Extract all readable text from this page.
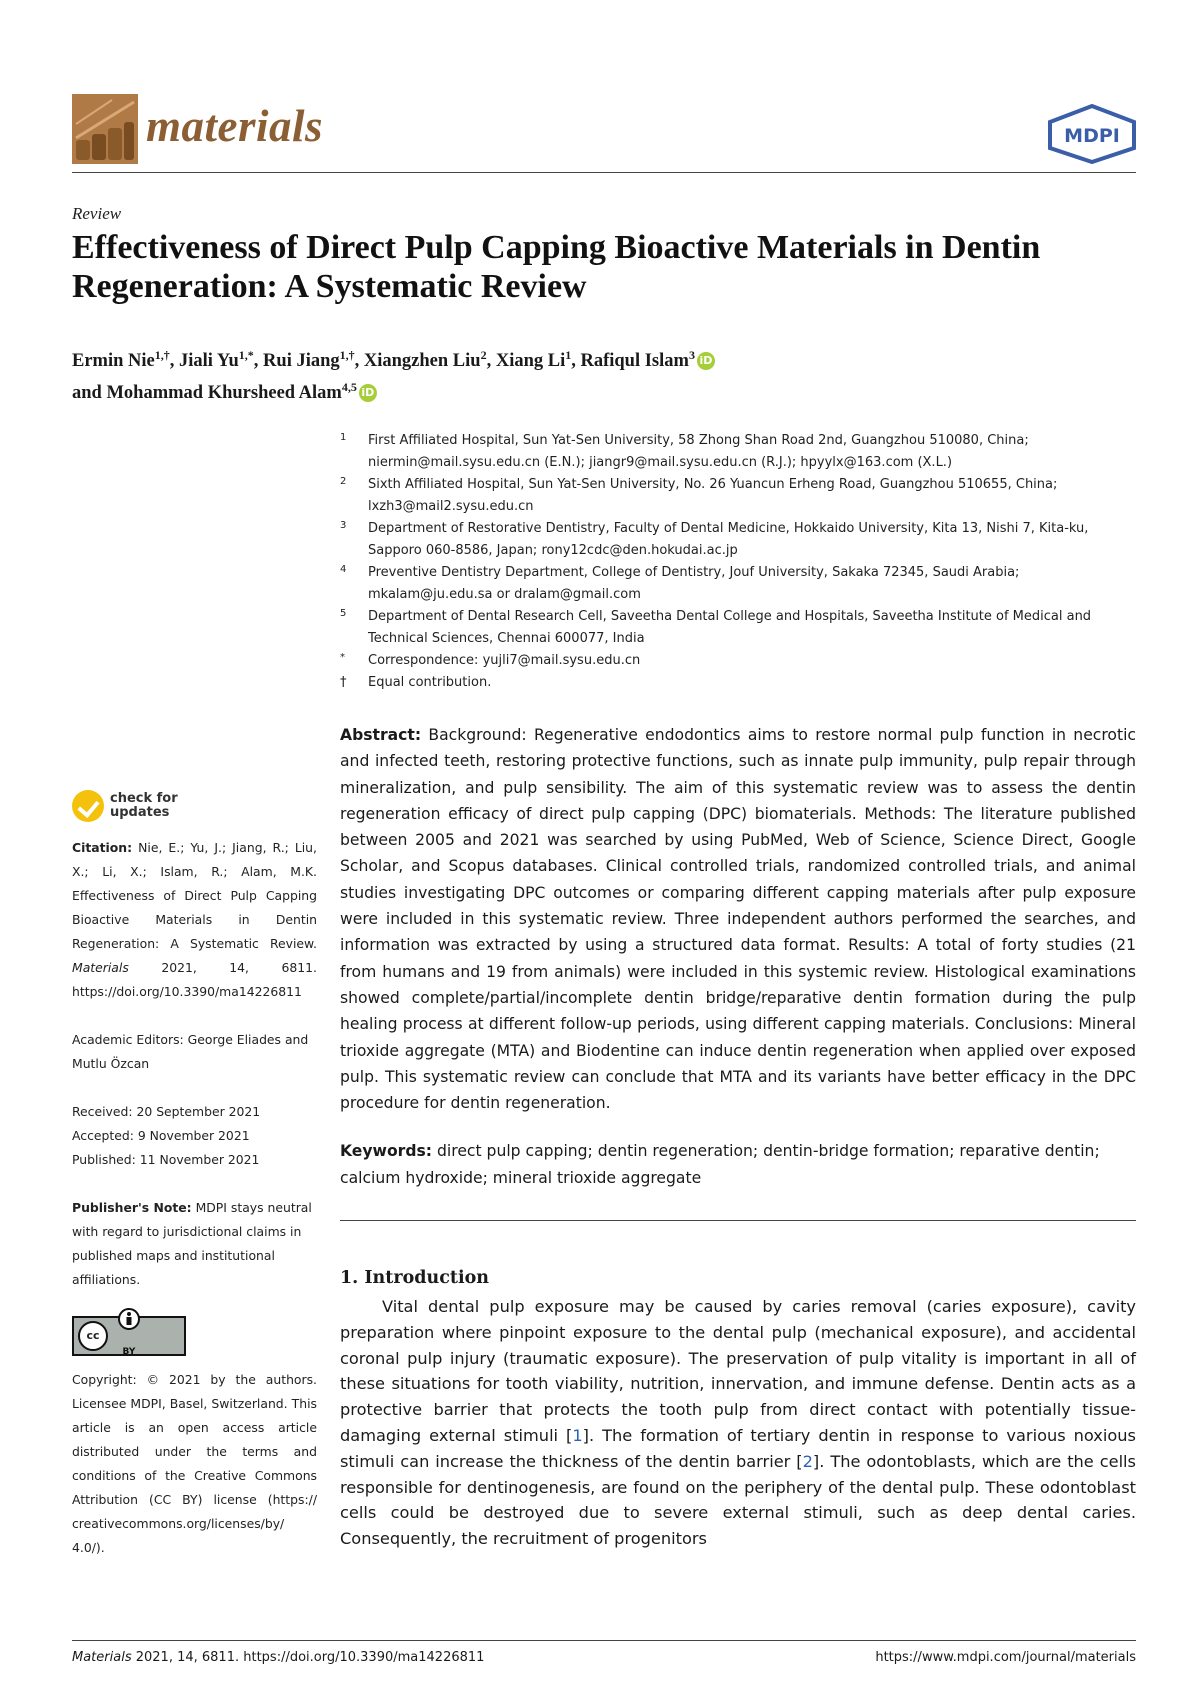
materials	MDPI
Review
Effectiveness of Direct Pulp Capping Bioactive Materials in Dentin Regeneration: A Systematic Review
Ermin Nie$^{1,\dagger}$, Jiali $Yu^{1,*}$, Rui Jiang$^{1,\dagger}$, Xiangzhen Liu$^2$, Xiang Li$^1$, Rafiqul Islam$^3$ iD
and Mohammad Khursheed Alam$^{4,5}$ iD
1 First Affiliated Hospital, Sun Yat-Sen University, 58 Zhong Shan Road 2nd, Guangzhou 510080, China; niermin@mail.sysu.edu.cn (E.N.); jiangr9@mail.sysu.edu.cn (R.J.); hpyylx@163.com (X.L.)
2 Sixth Affiliated Hospital, Sun Yat-Sen University, No. 26 Yuancun Erheng Road, Guangzhou 510655, China; lxzh3@mail2.sysu.edu.cn
3 Department of Restorative Dentistry, Faculty of Dental Medicine, Hokkaido University, Kita 13, Nishi 7, Kita-ku, Sapporo 060-8586, Japan; rony12cdc@den.hokudai.ac.jp
4 Preventive Dentistry Department, College of Dentistry, Jouf University, Sakaka 72345, Saudi Arabia; mkalam@ju.edu.sa or dralam@gmail.com
5 Department of Dental Research Cell, Saveetha Dental College and Hospitals, Saveetha Institute of Medical and Technical Sciences, Chennai 600077, India
* Correspondence: yujli7@mail.sysu.edu.cn
† Equal contribution.
check for
updates
Citation: Nie, E.; Yu, J.; Jiang, R.; Liu, X.; Li, X.; Islam, R.; Alam, M.K. Effectiveness of Direct Pulp Capping Bioactive Materials in Dentin Regeneration: A Systematic Review. Materials	2021, 14, 6811. https://doi.org/10.3390/ma14226811
Academic Editors: George Eliades and Mutlu Özcan
Received: 20 September 2021
Accepted: 9 November 2021
Published: 11 November 2021
Publisher's Note: MDPI stays neutral with regard to jurisdictional claims in published maps and institutional affiliations.
cc
BY
Copyright: © 2021 by the authors. Licensee MDPI, Basel, Switzerland. This article is an open access article distributed under the terms and conditions of the Creative Commons Attribution (CC BY) license (https:// creativecommons.org/licenses/by/ 4.0/).
Abstract: Background: Regenerative endodontics aims to restore normal pulp function in necrotic and infected teeth, restoring protective functions, such as innate pulp immunity, pulp repair through mineralization, and pulp sensibility. The aim of this systematic review was to assess the dentin regeneration efficacy of direct pulp capping (DPC) biomaterials. Methods: The literature published between 2005 and 2021 was searched by using PubMed, Web of Science, Science Direct, Google Scholar, and Scopus databases. Clinical controlled trials, randomized controlled trials, and animal studies investigating DPC outcomes or comparing different capping materials after pulp exposure were included in this systematic review. Three independent authors performed the searches, and information was extracted by using a structured data format. Results: A total of forty studies (21 from humans and 19 from animals) were included in this systemic review. Histological examinations showed complete/partial/incomplete dentin bridge/reparative dentin formation during the pulp healing process at different follow-up periods, using different capping materials. Conclusions: Mineral trioxide aggregate (MTA) and Biodentine can induce dentin regeneration when applied over exposed pulp. This systematic review can conclude that MTA and its variants have better efficacy in the DPC procedure for dentin regeneration.
Keywords: direct pulp capping; dentin regeneration; dentin-bridge formation; reparative dentin; calcium hydroxide; mineral trioxide aggregate
1. Introduction
Vital dental pulp exposure may be caused by caries removal (caries exposure), cavity preparation where pinpoint exposure to the dental pulp (mechanical exposure), and accidental coronal pulp injury (traumatic exposure). The preservation of pulp vitality is important in all of these situations for tooth viability, nutrition, innervation, and immune defense. Dentin acts as a protective barrier that protects the tooth pulp from direct contact with potentially tissue-damaging external stimuli [1]. The formation of tertiary dentin in response to various noxious stimuli can increase the thickness of the dentin barrier [2]. The odontoblasts, which are the cells responsible for dentinogenesis, are found on the periphery of the dental pulp. These odontoblast cells could be destroyed due to severe external stimuli, such as deep dental caries. Consequently, the recruitment of progenitors
Materials 2021, 14, 6811. https://doi.org/10.3390/ma14226811	https://www.mdpi.com/journal/materials
